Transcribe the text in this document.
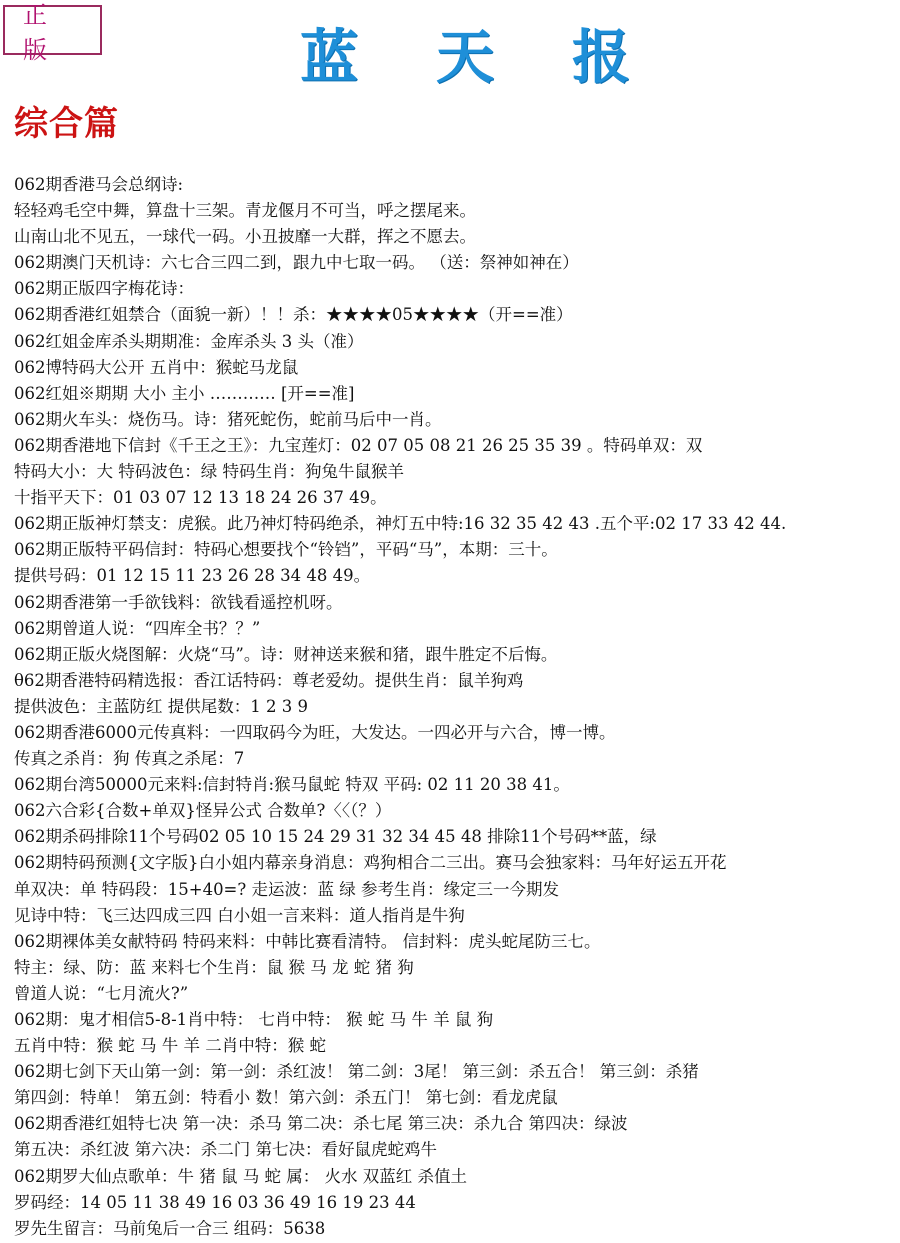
正版	蓝 天 报
综合篇
062期香港马会总纲诗:
轻轻鸡毛空中舞，算盘十三架。青龙偃月不可当，呼之摆尾来。
山南山北不见五，一球代一码。小丑披靡一大群，挥之不愿去。
062期澳门天机诗：六七合三四二到，跟九中七取一码。 （送：祭神如神在）
062期正版四字梅花诗：
062期香港红姐禁合（面貌一新）！！杀：★★★★05★★★★（开==准）
062红姐金库杀头期期准：金库杀头 3 头（准）
062博特码大公开 五肖中：猴蛇马龙鼠
062红姐※期期 大小 主小 ………… [开==准]
062期火车头：烧伤马。诗：猪死蛇伤，蛇前马后中一肖。
062期香港地下信封《千王之王》：九宝莲灯：02 07 05 08 21 26 25 35 39 。特码单双：双
特码大小：大 特码波色：绿 特码生肖：狗兔牛鼠猴羊
十指平天下：01 03 07 12 13 18 24 26 37 49。
062期正版神灯禁支：虎猴。此乃神灯特码绝杀，神灯五中特:16 32 35 42 43 .五个平:02 17 33 42 44.
062期正版特平码信封：特码心想要找个“铃铛”，平码“马”，本期：三十。
提供号码：01 12 15 11 23 26 28 34 48 49。
062期香港第一手欲钱料：欲钱看遥控机呀。
062期曾道人说：“四库全书？？”
062期正版火烧图解：火烧“马”。诗：财神送来猴和猪，跟牛胜定不后悔。
θ62期香港特码精选报：香江话特码：尊老爱幼。提供生肖：鼠羊狗鸡
提供波色：主蓝防红 提供尾数：1 2 3 9
062期香港6000元传真料：一四取码今为旺，大发达。一四必开与六合，博一博。
传真之杀肖：狗 传真之杀尾：7
062期台湾50000元来料:信封特肖:猴马鼠蛇 特双 平码: 02 11 20 38 41。
062六合彩{合数+单双}怪异公式 合数单?〈〈（？）
062期杀码排除11个号码02 05 10 15 24 29 31 32 34 45 48 排除11个号码**蓝，绿
062期特码预测{文字版}白小姐内幕亲身消息：鸡狗相合二三出。赛马会独家料：马年好运五开花
单双决：单 特码段：15+40=? 走运波：蓝 绿 参考生肖：缘定三一今期发
见诗中特：飞三达四成三四 白小姐一言来料：道人指肖是牛狗
062期裸体美女献特码 特码来料：中韩比赛看清特。 信封料：虎头蛇尾防三七。
特主：绿、防：蓝 来料七个生肖：鼠 猴 马 龙 蛇 猪 狗
曾道人说：“七月流火?”
062期：鬼才相信5-8-1肖中特： 七肖中特： 猴 蛇 马 牛 羊 鼠 狗
五肖中特：猴 蛇 马 牛 羊 二肖中特：猴 蛇
062期七剑下天山第一剑：第一剑：杀红波！ 第二剑：3尾！ 第三剑：杀五合！ 第三剑：杀猪
第四剑：特单！ 第五剑：特看小 数！第六剑：杀五门！ 第七剑：看龙虎鼠
062期香港红姐特七决 第一决：杀马 第二决：杀七尾 第三决：杀九合 第四决：绿波
第五决：杀红波 第六决：杀二门 第七决：看好鼠虎蛇鸡牛
062期罗大仙点歌单：牛 猪 鼠 马 蛇 属： 火水 双蓝红 杀值土
罗码经：14 05 11 38 49 16 03 36 49 16 19 23 44
罗先生留言：马前兔后一合三 组码：5638
